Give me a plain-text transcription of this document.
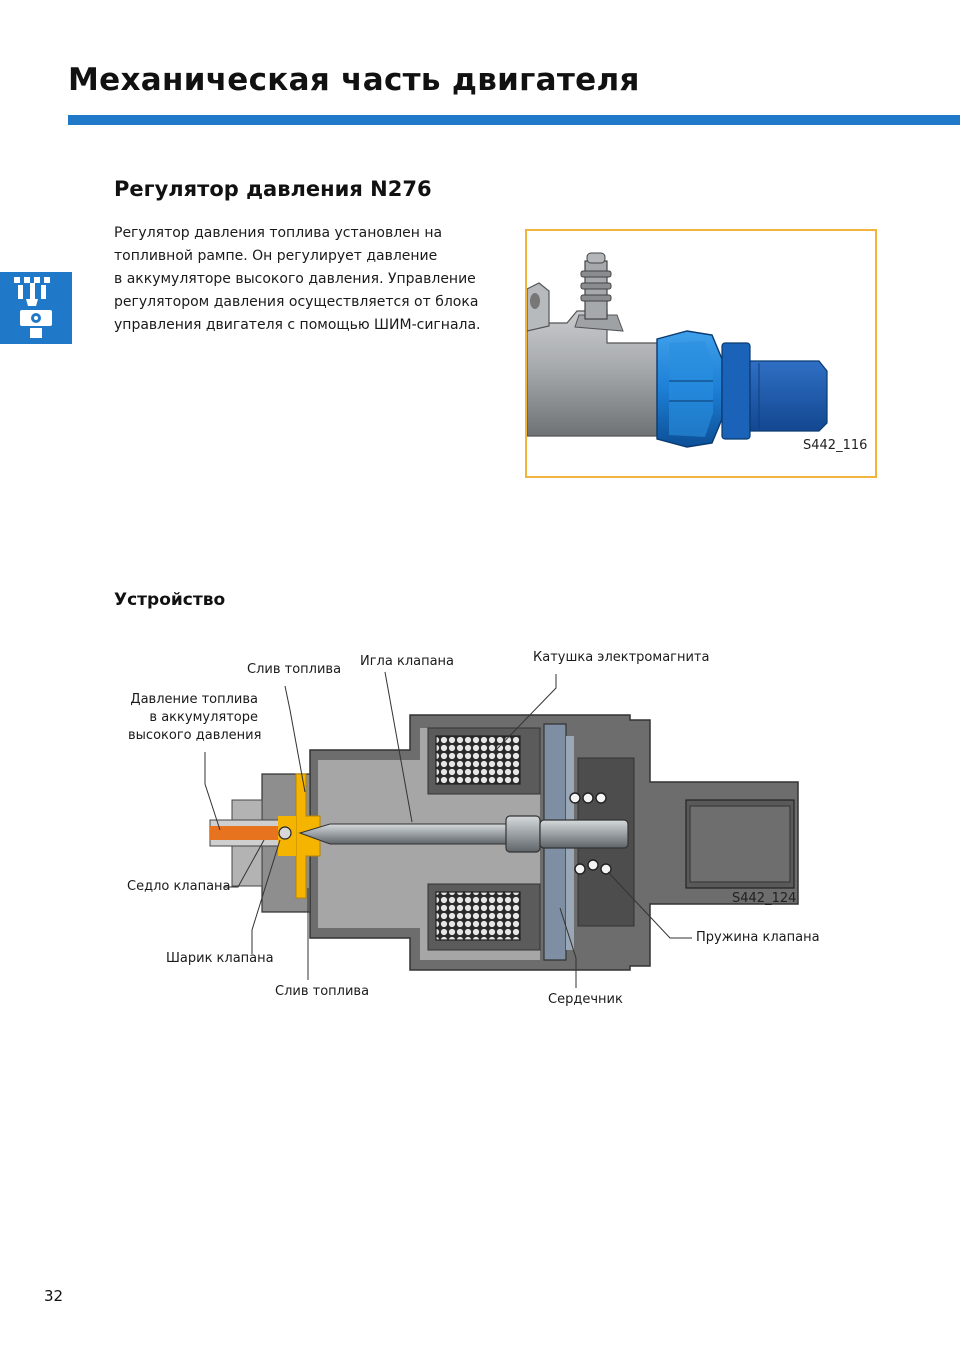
Механическая часть двигателя
Регулятор давления N276

Регулятор давления топлива установлен на
топливной рампе. Он регулирует давление
в аккумуляторе высокого давления. Управление
регулятором давления осуществляется от блока
управления двигателя с помощью ШИМ-сигнала.

S442_116
Устройство
S442_124
Слив топлива
Игла клапана	Катушка электромагнита
Давление топлива
в аккумуляторе
высокого давления
Седло клапана
Шарик клапана
Слив топлива
Сердечник
Пружина клапана
32
